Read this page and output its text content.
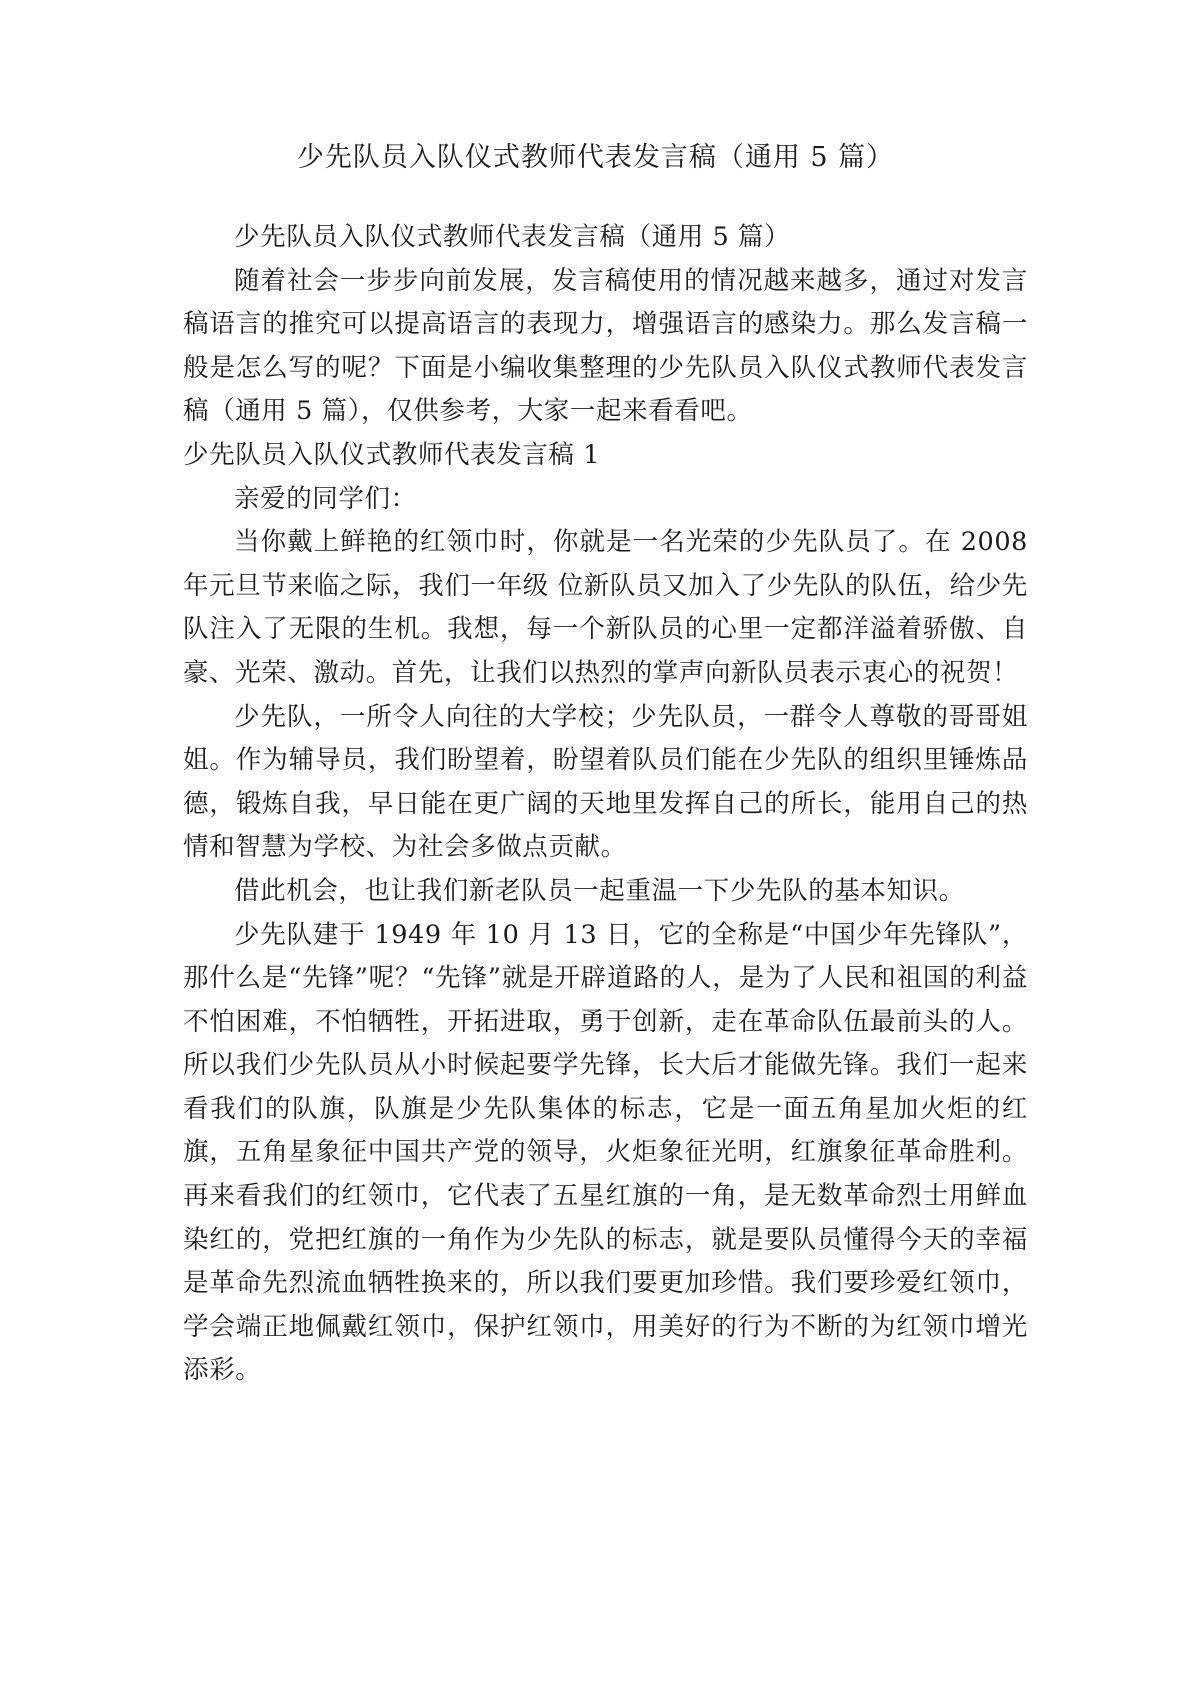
少先队员入队仪式教师代表发言稿（通用 5 篇）

少先队员入队仪式教师代表发言稿（通用 5 篇）

随着社会一步步向前发展，发言稿使用的情况越来越多，通过对发言稿语言的推究可以提高语言的表现力，增强语言的感染力。那么发言稿一般是怎么写的呢？下面是小编收集整理的少先队员入队仪式教师代表发言稿（通用 5 篇），仅供参考，大家一起来看看吧。

少先队员入队仪式教师代表发言稿 1

亲爱的同学们：

当你戴上鲜艳的红领巾时，你就是一名光荣的少先队员了。在 2008 年元旦节来临之际，我们一年级 位新队员又加入了少先队的队伍，给少先队注入了无限的生机。我想，每一个新队员的心里一定都洋溢着骄傲、自豪、光荣、激动。首先，让我们以热烈的掌声向新队员表示衷心的祝贺！

少先队，一所令人向往的大学校；少先队员，一群令人尊敬的哥哥姐姐。作为辅导员，我们盼望着，盼望着队员们能在少先队的组织里锤炼品德，锻炼自我，早日能在更广阔的天地里发挥自己的所长，能用自己的热情和智慧为学校、为社会多做点贡献。

借此机会，也让我们新老队员一起重温一下少先队的基本知识。

少先队建于 1949 年 10 月 13 日，它的全称是“中国少年先锋队”，那什么是“先锋”呢？“先锋”就是开辟道路的人，是为了人民和祖国的利益不怕困难，不怕牺牲，开拓进取，勇于创新，走在革命队伍最前头的人。所以我们少先队员从小时候起要学先锋，长大后才能做先锋。我们一起来看我们的队旗，队旗是少先队集体的标志，它是一面五角星加火炬的红旗，五角星象征中国共产党的领导，火炬象征光明，红旗象征革命胜利。再来看我们的红领巾，它代表了五星红旗的一角，是无数革命烈士用鲜血染红的，党把红旗的一角作为少先队的标志，就是要队员懂得今天的幸福是革命先烈流血牺牲换来的，所以我们要更加珍惜。我们要珍爱红领巾，学会端正地佩戴红领巾，保护红领巾，用美好的行为不断的为红领巾增光添彩。
